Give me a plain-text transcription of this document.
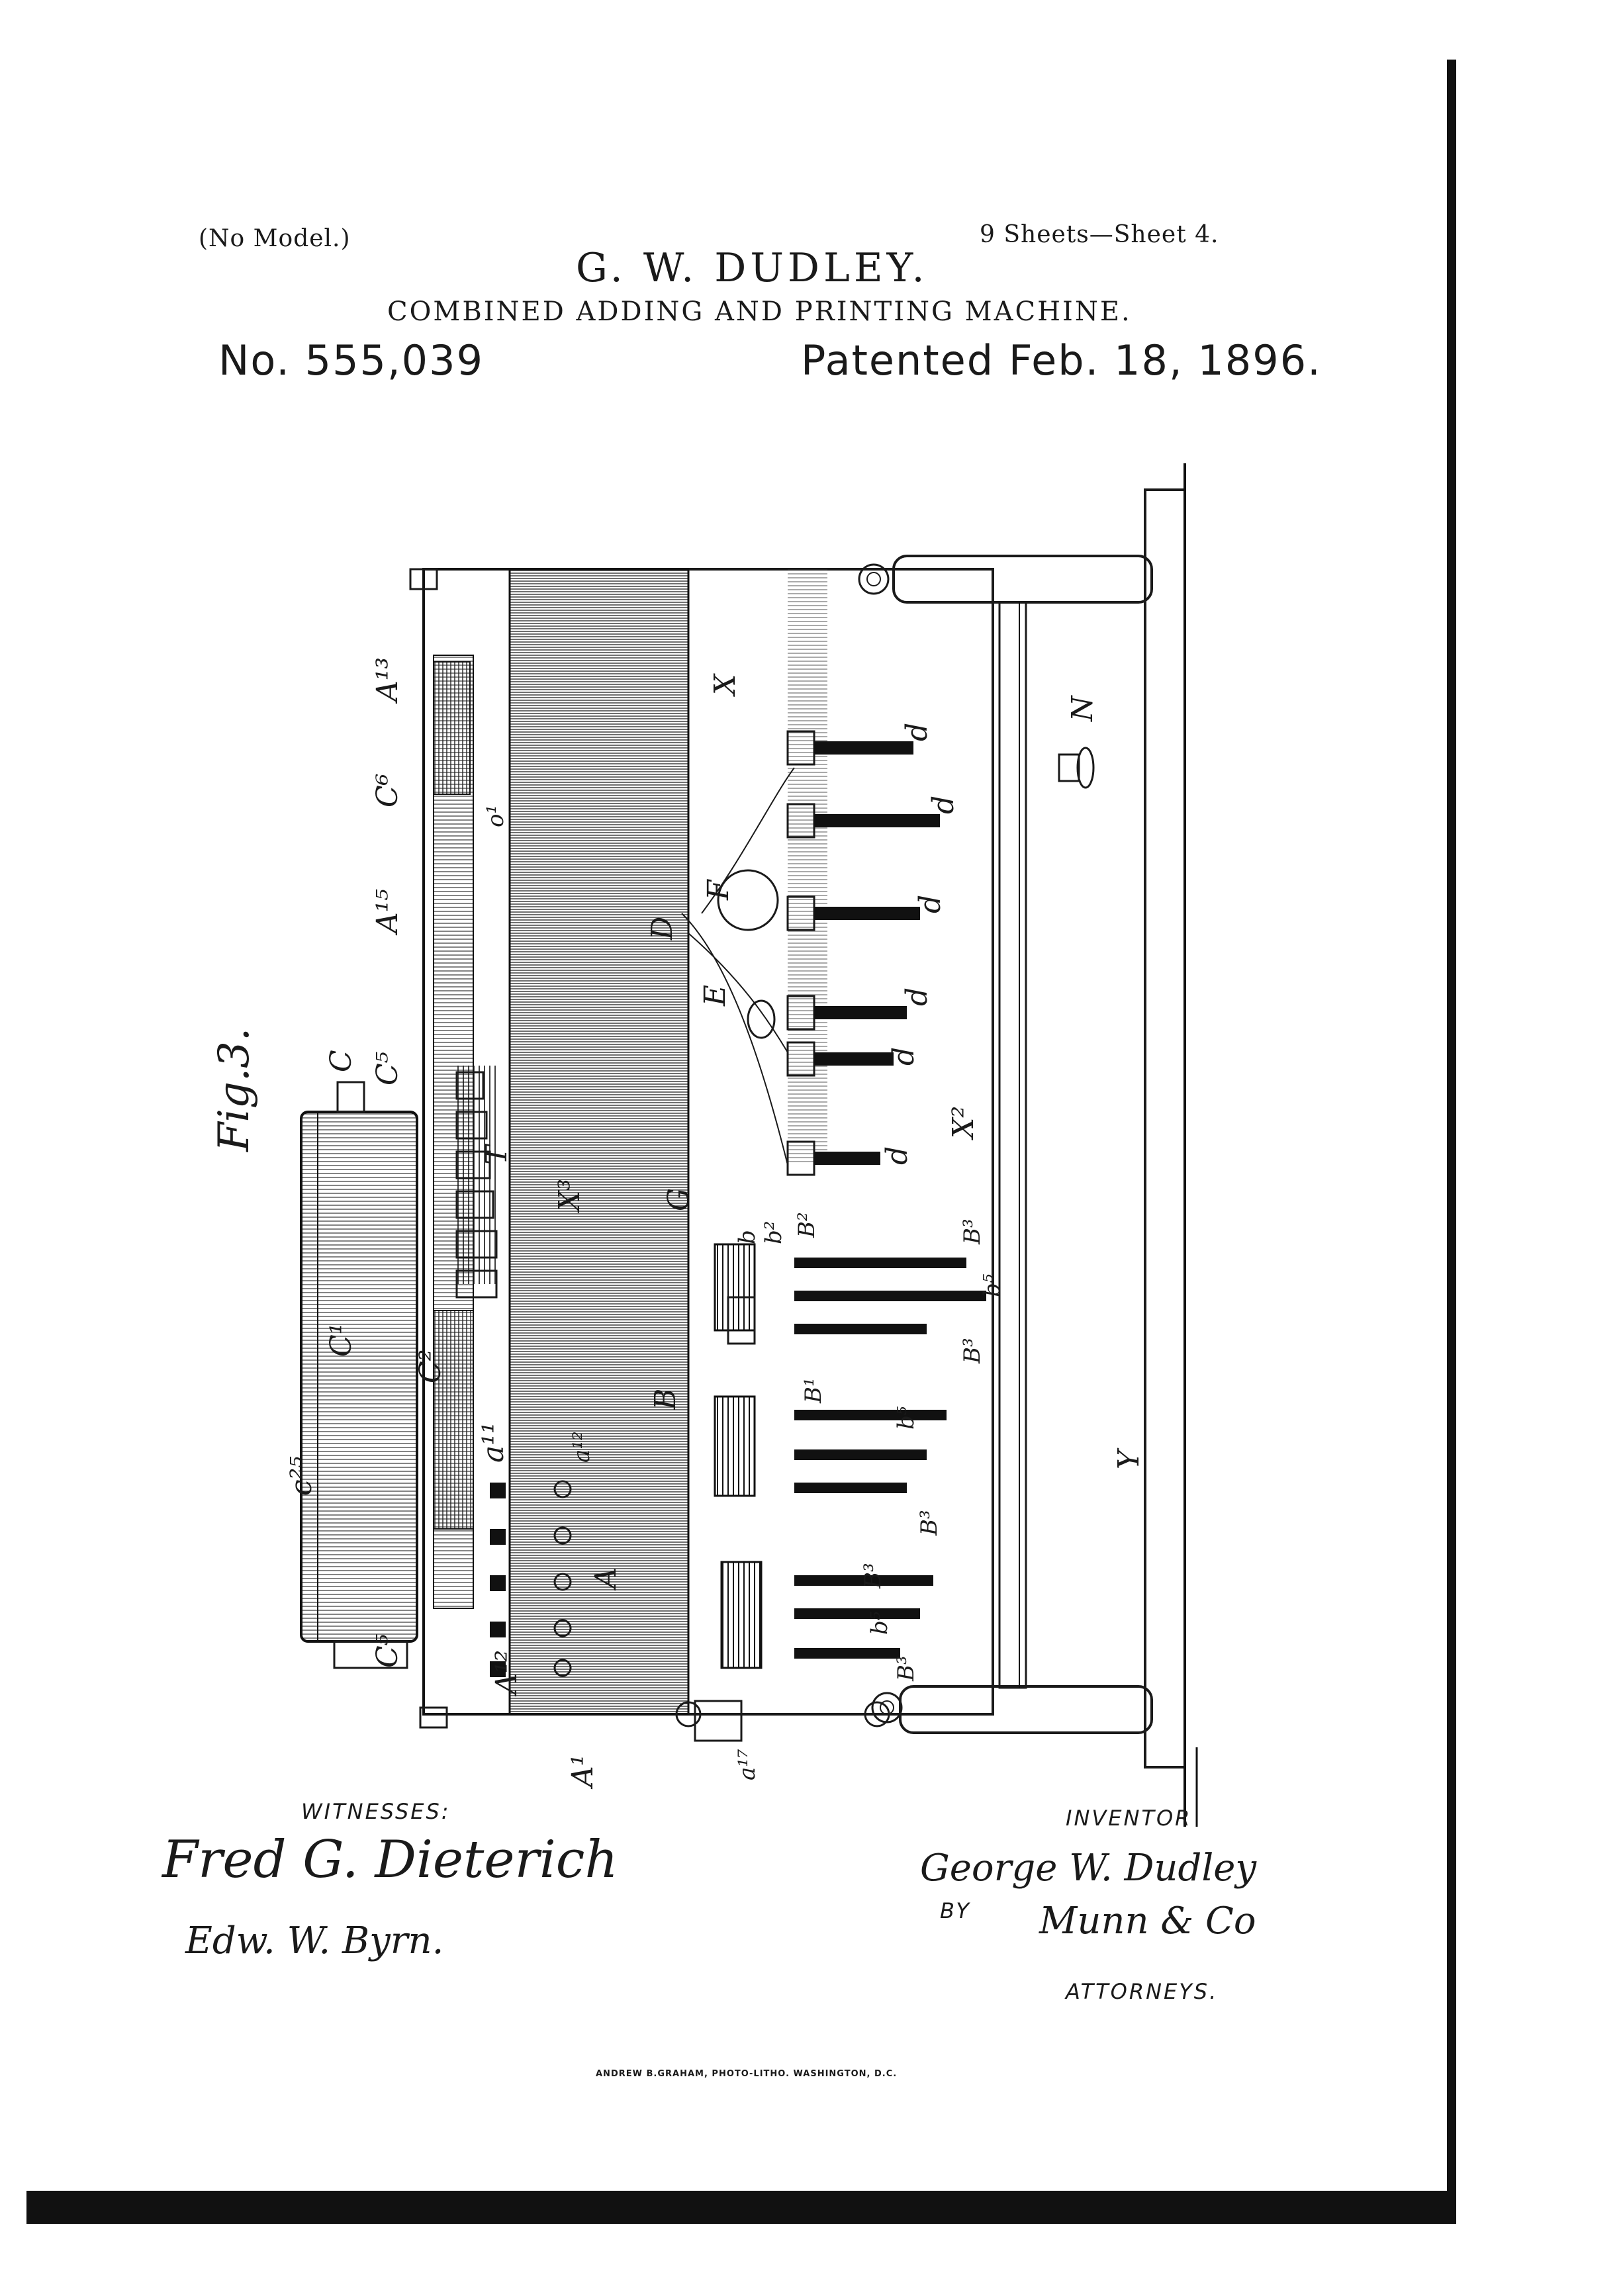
(No Model.)	9 Sheets—Sheet 4.
G. W. DUDLEY.
COMBINED ADDING AND PRINTING MACHINE.
No. 555,039	Patented Feb. 18, 1896.
X
X²
X³
Y
N
F
E
D
G
d
d
d
d
d
d
B
b b² B²	B³
b⁵
B³
b⁵
B³
B¹
B³
B³
b⁵
A¹²
A¹
A
a¹¹	a¹²
a¹⁷
C⁵
C⁵
C
C⁶
c²⁵
C¹
C²
A¹³
A¹⁵
T
o¹
Fig.3.
WITNESSES:
Fred G. Dieterich
Edw. W. Byrn.
INVENTOR
George W. Dudley
BY Munn & Co
ATTORNEYS.
ANDREW B.GRAHAM, PHOTO-LITHO. WASHINGTON, D.C.
